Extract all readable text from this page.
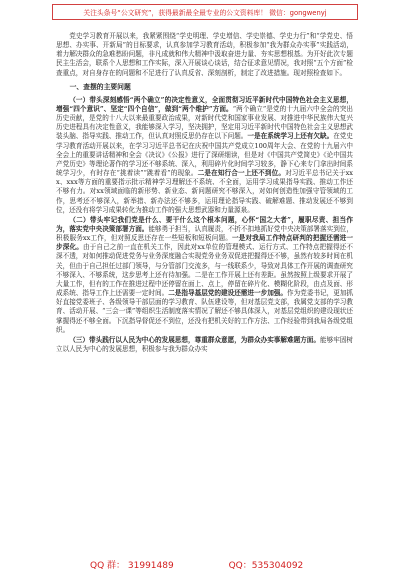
关注头条号“公文研究”，获得最新最全最专业的公文资料库！ 微信：gongwenyj

党史学习教育开展以来，我紧紧围绕“学史明理、学史增信、学史崇德、学史力行”和“学党史、悟思想、办实事、开新局”的目标要求，认真参加学习教育活动，积极参加“我为群众办实事”实践活动，着力解决群众的急难愁盼问题，非凡成就和伟大精神中汲取奋进力量、夯实思想根基。为开好此次专题民主生活会，联系个人思想和工作实际，深入开展谈心谈话，结合征求意见情况，我对照“五个方面”检查重点，对自身存在的问题和不足进行了认真反省、深刻剖析，制定了改进措施。现对照检查如下。

一、查摆的主要问题

（一）带头深刻感悟“两个确立”的决定性意义，全面贯彻习近平新时代中国特色社会主义思想，增强“四个意识”、坚定“四个自信”，做到“两个维护”方面。“两个确立”是党的十九届六中全会的突出历史贡献，是党的十八大以来最重要政治成果，对新时代党和国家事业发展、对推进中华民族伟大复兴历史进程具有决定性意义，我能够深入学习，坚决拥护，坚定用习近平新时代中国特色社会主义思想武装头脑、指导实践、推动工作，但认真对照反思仍存在以下问题。一是在系统学习上还有欠缺。在党史学习教育活动开展以来，在学习习近平总书记在庆祝中国共产党成立100周年大会、在党的十九届六中全会上的重要讲话精神和全会《决议》《公报》进行了深研细读，但是对《中国共产党简史》《论中国共产党历史》等理论著作的学习还不够系统、深入，利用碎片化时间学习较多，静下心来专门拿出时间系统学习少，有时存在“挑着读”“跳着看”的现象。二是在知行合一上还不到位。对习近平总书记关于xxx、xxx等方面的重要指示批示精神学习理解还不系统、不全面，运用学习成果指导实践、推动工作还不够有力。对xx领域面临的新形势、新业态、新问题研究不够深入，对如何创造性加强守管领域的工作，思考还不够深入，新举措、新办法还不够多，运用理论指导实践、破解难题、推动发展还不够到位，还没有将学习成果转化为推动工作的强大思想武器和力量源泉。

（二）带头牢记我们党是什么、要干什么这个根本问题，心怀“国之大者”，履职尽责、担当作为，落实党中央决策部署方面。能够勇于担当，认真履责，不折不扣地抓好党中央决策部署落实到位，积极服务xx工作，但对照反思还存在一些短板和短板问题。一是对我局工作特点研判的把握还需进一步深化。由于自己之前一直在机关工作，因此对xx单位的管理模式、运行方式、工作特点把握得还不深不透，对如何推动促进党务与业务深度融合实现党务业务双促进把握得还不够，虽然有较多时间在机关，但由于自己担任过部门领导，与分管部门交流多，与一线联系少，导致对具体工作开展的调查研究不够深入、不够系统，这步思考上还有待加强。二是在工作开展上还有差距。虽然按照上级要求开展了大量工作，但有的工作在推进过程中还停留在面上、点上，停留在碎片化、模糊化阶段，由点及面、形成系统、指导工作上还需要一定时间。二是指导基层党的建设还需进一步加强。作为党委书记，更加抓好直接党委班子、各级领导干部层面的学习教育、队伍建设等，但对基层党支部，我属党支部的学习教育、活动开展、“三会一课”等组织生活制度落实情况了解还不够具体深入，对基层党组织的建设现状还掌握得还不够全面。下沉指导督促还不到位，还没有把机关好的工作方法、工作经验带到我局各级党组织。

（三）带头践行以人民为中心的发展思想，尊重群众意愿，为群众办实事解难题方面。能够牢固树立以人民为中心的发展思想，积极参与我为群众办实

QQ 群： 31991489	QQ：535304092
